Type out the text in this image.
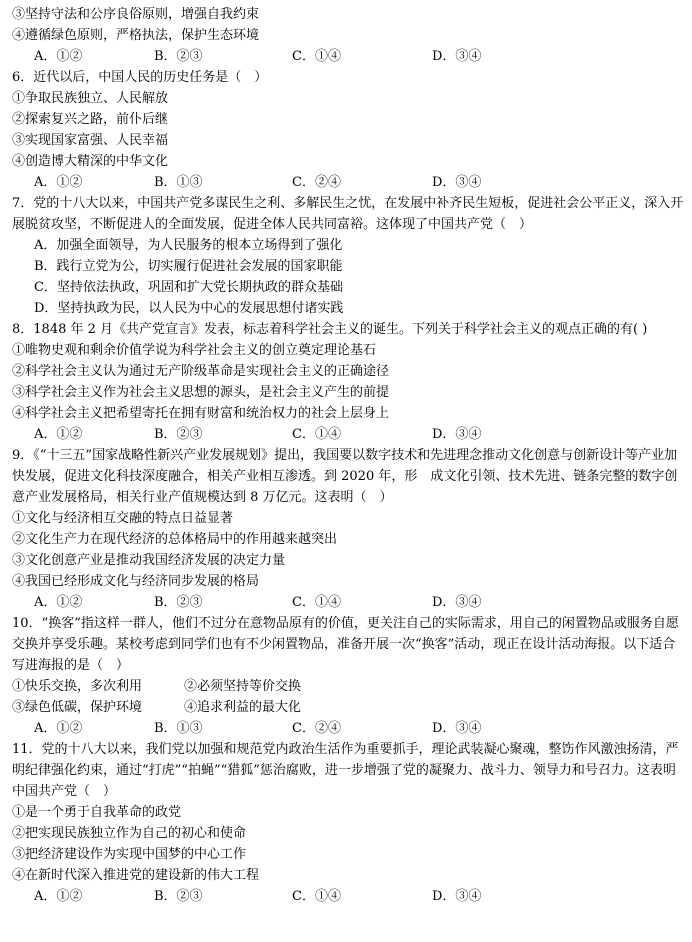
③坚持守法和公序良俗原则，增强自我约束
④遵循绿色原则，严格执法，保护生态环境
A．①②	B．②③	C．①④	D．③④
6．近代以后，中国人民的历史任务是（　）
①争取民族独立、人民解放
②探索复兴之路，前仆后继
③实现国家富强、人民幸福
④创造博大精深的中华文化
A．①②	B．①③	C．②④	D．③④
7．党的十八大以来，中国共产党多谋民生之利、多解民生之忧，在发展中补齐民生短板，促进社会公平正义，深入开展脱贫攻坚，不断促进人的全面发展，促进全体人民共同富裕。这体现了中国共产党（　）
A．加强全面领导，为人民服务的根本立场得到了强化
B．践行立党为公，切实履行促进社会发展的国家职能
C．坚持依法执政，巩固和扩大党长期执政的群众基础
D．坚持执政为民，以人民为中心的发展思想付诸实践
8．1848 年 2 月《共产党宣言》发表，标志着科学社会主义的诞生。下列关于科学社会主义的观点正确的有( )
①唯物史观和剩余价值学说为科学社会主义的创立奠定理论基石
②科学社会主义认为通过无产阶级革命是实现社会主义的正确途径
③科学社会主义作为社会主义思想的源头，是社会主义产生的前提
④科学社会主义把希望寄托在拥有财富和统治权力的社会上层身上
A．①②	B．②③	C．①④	D．③④
9．《“十三五”国家战略性新兴产业发展规划》提出，我国要以数字技术和先进理念推动文化创意与创新设计等产业加快发展，促进文化科技深度融合，相关产业相互渗透。到 2020 年，形　成文化引领、技术先进、链条完整的数字创意产业发展格局，相关行业产值规模达到 8 万亿元。这表明（　）
①文化与经济相互交融的特点日益显著
②文化生产力在现代经济的总体格局中的作用越来越突出
③文化创意产业是推动我国经济发展的决定力量
④我国已经形成文化与经济同步发展的格局
A．①②	B．②③	C．①④	D．③④
10．“换客”指这样一群人，他们不过分在意物品原有的价值，更关注自己的实际需求，用自己的闲置物品或服务自愿交换并享受乐趣。某校考虑到同学们也有不少闲置物品，准备开展一次“换客”活动，现正在设计活动海报。以下适合写进海报的是（　）
①快乐交换，多次利用	②必须坚持等价交换
③绿色低碳，保护环境	④追求利益的最大化
A．①②	B．①③	C．②④	D．③④
11．党的十八大以来，我们党以加强和规范党内政治生活作为重要抓手，理论武装凝心聚魂，整饬作风激浊扬清，严明纪律强化约束，通过“打虎”“拍蝇”“猎狐”惩治腐败，进一步增强了党的凝聚力、战斗力、领导力和号召力。这表明中国共产党（　）
①是一个勇于自我革命的政党
②把实现民族独立作为自己的初心和使命
③把经济建设作为实现中国梦的中心工作
④在新时代深入推进党的建设新的伟大工程
A．①②	B．②③	C．①④	D．③④
